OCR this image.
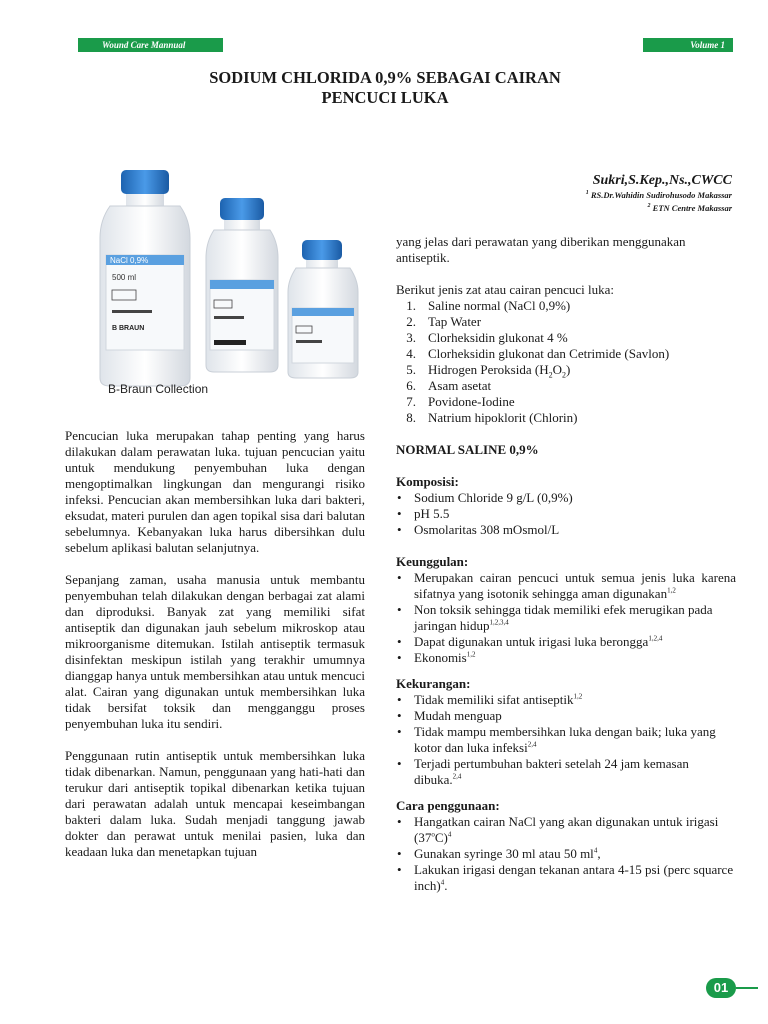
Wound Care Mannual	Volume 1
SODIUM CHLORIDA 0,9% SEBAGAI CAIRAN
PENCUCI LUKA
Sukri,S.Kep.,Ns.,CWCC
$^1$ RS.Dr.Wahidin Sudirohusodo Makassar
$^2$ ETN Centre Makassar
NaCl 0,9%
500 ml
B BRAUN
B-Braun Collection

Pencucian luka merupakan tahap penting yang harus dilakukan dalam perawatan luka. tujuan pencucian yaitu untuk mendukung penyembuhan luka dengan mengoptimalkan lingkungan dan mengurangi risiko infeksi. Pencucian akan membersihkan luka dari bakteri, eksudat, materi purulen dan agen topikal sisa dari balutan sebelumnya. Kebanyakan luka harus dibersihkan dulu sebelum aplikasi balutan selanjutnya.

Sepanjang zaman, usaha manusia untuk membantu penyembuhan telah dilakukan dengan berbagai zat alami dan diproduksi. Banyak zat yang memiliki sifat antiseptik dan digunakan jauh sebelum mikroskop atau mikroorganisme ditemukan. Istilah antiseptik termasuk disinfektan meskipun istilah yang terakhir umumnya dianggap hanya untuk membersihkan atau untuk mencuci alat. Cairan yang digunakan untuk membersihkan luka tidak bersifat toksik dan mengganggu proses penyembuhan luka itu sendiri.

Penggunaan rutin antiseptik untuk membersihkan luka tidak dibenarkan. Namun, penggunaan yang hati-hati dan terukur dari antiseptik topikal dibenarkan ketika tujuan dari perawatan adalah untuk mencapai keseimbangan bakteri dalam luka. Sudah menjadi tanggung jawab dokter dan perawat untuk menilai pasien, luka dan keadaan luka dan menetapkan tujuan

yang jelas dari perawatan yang diberikan menggunakan antiseptik.

Berikut jenis zat atau cairan pencuci luka:

1. Saline normal (NaCl 0,9%)
2. Tap Water
3. Clorheksidin glukonat 4 %
4. Clorheksidin glukonat dan Cetrimide (Savlon)
5. Hidrogen Peroksida $(H_2O_2)$
6. Asam asetat
7. Povidone-Iodine
8. Natrium hipoklorit (Chlorin)

NORMAL SALINE 0,9%

Komposisi:

• Sodium Chloride 9 g/L (0,9%)
• pH 5.5
• Osmolaritas 308 mOsmol/L

Keunggulan:

• Merupakan cairan pencuci untuk semua jenis luka karena sifatnya yang isotonik sehingga aman digunakan$^{1,2}$
• Non toksik sehingga tidak memiliki efek merugikan pada jaringan hidup$^{1,2,3,4}$
• Dapat digunakan untuk irigasi luka berongga$^{1,2,4}$
• Ekonomis$^{1,2}$

Kekurangan:

• Tidak memiliki sifat antiseptik$^{1,2}$
• Mudah menguap
• Tidak mampu membersihkan luka dengan baik; luka yang kotor dan luka infeksi$^{2,4}$
• Terjadi pertumbuhan bakteri setelah 24 jam kemasan dibuka.$^{2,4}$

Cara penggunaan:

• Hangatkan cairan NaCl yang akan digunakan untuk irigasi $(37^oC)^4$
• Gunakan syringe 30 ml atau 50 $ml^4$,
• Lakukan irigasi dengan tekanan antara 4-15 psi (perc squarce inch)$^4$.
01
